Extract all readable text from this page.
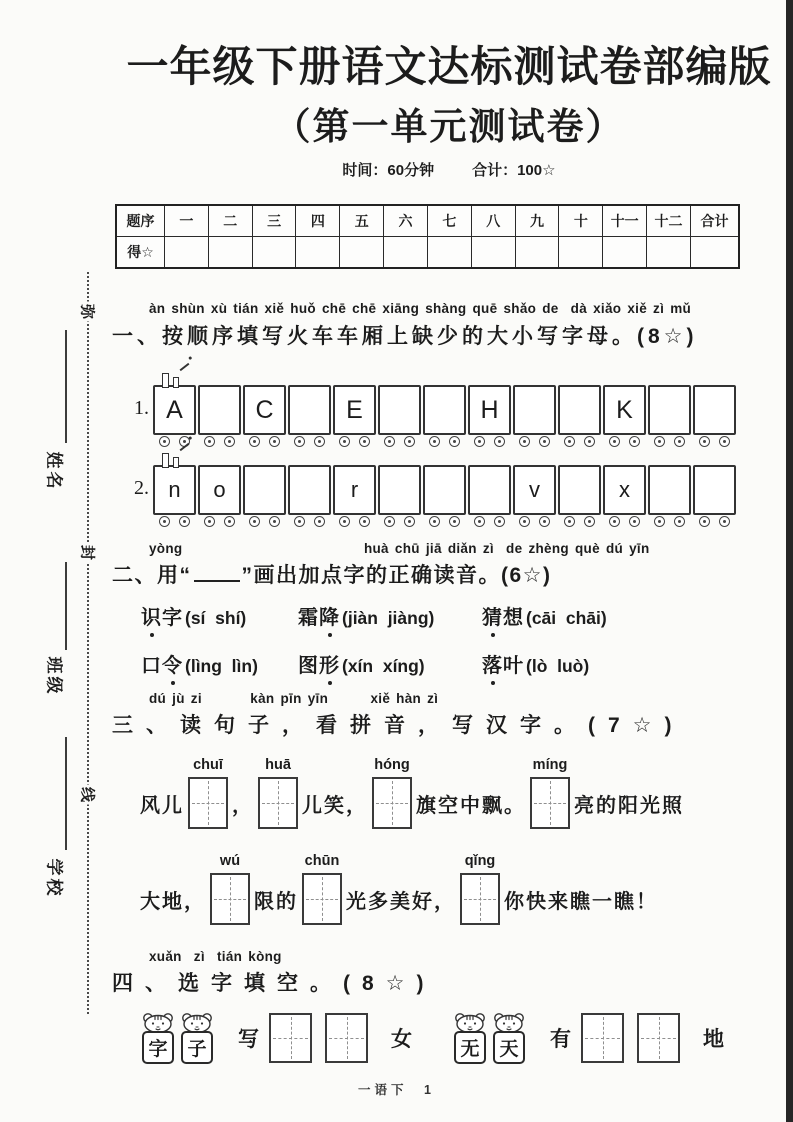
弥
封
线
姓名
班级
学校
一年级下册语文达标测试卷部编版
（第一单元测试卷）
时间：60分钟	合计：100☆
题序	一	二	三	四	五	六	七	八	九	十	十一	十二	合计
得☆													
àn shùn xù tián xiě huǒ chē chē xiāng shàng quē shǎo de  dà xiǎo xiě zì mǔ
一、按顺序填写火车车厢上缺少的大小写字母。(8☆)
1. A	C	E	H	K
2. n o	r	v	x
yòng                              huà chū jiā diǎn zì  de zhèng què dú yīn
二、用“ ”画出加点字的正确读音。(6☆)
识 字 (sí  shí)	霜 降 (jiàn  jiàng) 猜 想 (cāi  chāi)
口 令 (lìng  lìn) 图 形 (xín  xíng)	落 叶 (lò  luò)
dú jù zi        kàn pīn yīn       xiě hàn zì
三、读句子，看拼音，写汉字。(7☆)
风儿
chuī
，
huā
儿笑，
hóng
旗空中飘。
míng
亮的阳光照
大地，
wú
限的
chūn
光多美好，
qǐng
你快来瞧一瞧！
xuǎn  zì  tián kòng
四、选字填空。(8☆)
字	子	写	女	无	天	有	地
一语下　1
